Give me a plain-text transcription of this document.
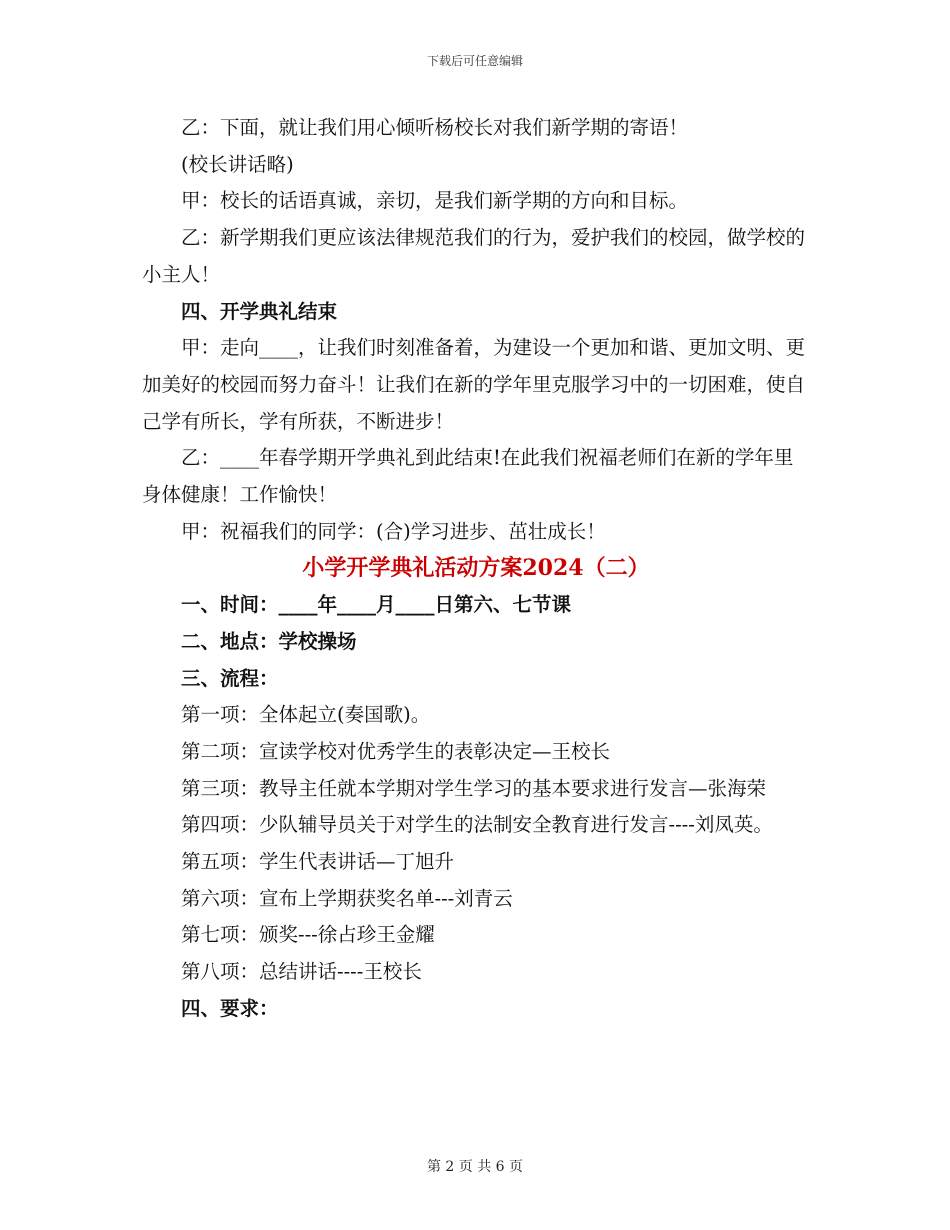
下载后可任意编辑

乙：下面，就让我们用心倾听杨校长对我们新学期的寄语！

(校长讲话略)

甲：校长的话语真诚，亲切，是我们新学期的方向和目标。

乙：新学期我们更应该法律规范我们的行为，爱护我们的校园，做学校的小主人！

四、开学典礼结束

甲：走向____，让我们时刻准备着，为建设一个更加和谐、更加文明、更加美好的校园而努力奋斗！让我们在新的学年里克服学习中的一切困难，使自己学有所长，学有所获，不断进步！

乙：____年春学期开学典礼到此结束!在此我们祝福老师们在新的学年里身体健康！工作愉快！

甲：祝福我们的同学：(合)学习进步、茁壮成长！

小学开学典礼活动方案2024（二）

一、时间：____年____月____日第六、七节课

二、地点：学校操场

三、流程：

第一项：全体起立(奏国歌)。

第二项：宣读学校对优秀学生的表彰决定—王校长

第三项：教导主任就本学期对学生学习的基本要求进行发言—张海荣

第四项：少队辅导员关于对学生的法制安全教育进行发言----刘凤英。

第五项：学生代表讲话—丁旭升

第六项：宣布上学期获奖名单---刘青云

第七项：颁奖---徐占珍王金耀

第八项：总结讲话----王校长

四、要求：

第 2 页 共 6 页
